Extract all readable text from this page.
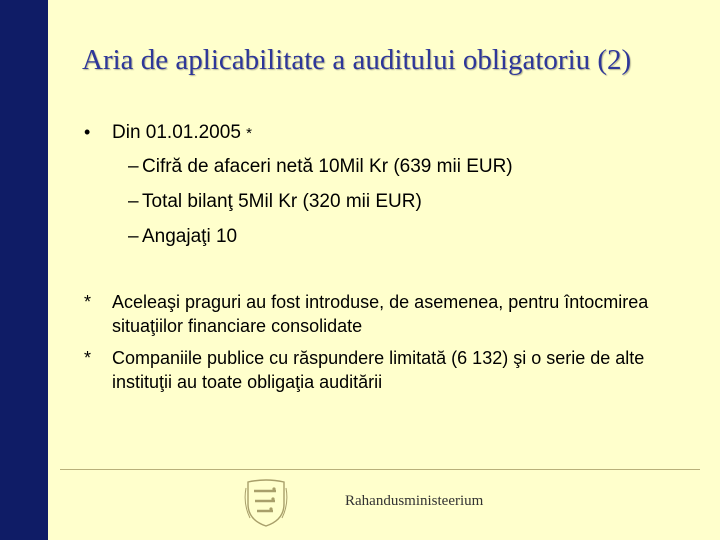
Aria de aplicabilitate a auditului obligatoriu (2)
• Din 01.01.2005 *
– Cifră de afaceri netă 10Mil Kr (639 mii EUR)
– Total bilanţ 5Mil Kr (320 mii EUR)
– Angajaţi 10
* Aceleaşi praguri au fost introduse, de asemenea, pentru întocmirea situaţiilor financiare consolidate
* Companiile publice cu răspundere limitată (6 132) şi o serie de alte instituţii au toate obligaţia auditării
Rahandusministeerium
